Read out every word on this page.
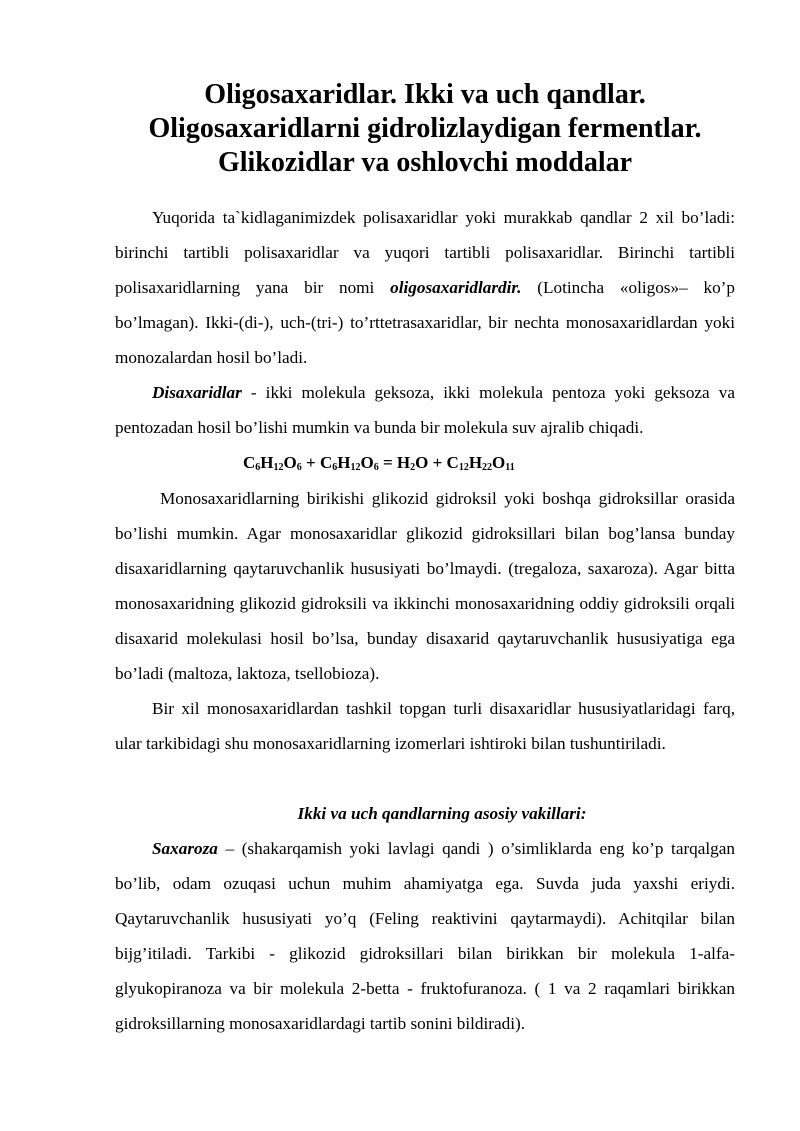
Oligosaxaridlar. Ikki va uch qandlar.
Oligosaxaridlarni gidrolizlaydigan fermentlar.
Glikozidlar va oshlovchi moddalar

Yuqorida ta`kidlaganimizdek polisaxaridlar yoki murakkab qandlar 2 xil bo’ladi: birinchi tartibli polisaxaridlar va yuqori tartibli polisaxaridlar. Birinchi tartibli polisaxaridlarning yana bir nomi oligosaxaridlardir. (Lotincha «oligos»– ko’p bo’lmagan). Ikki-(di-), uch-(tri-) to’rttetrasaxaridlar, bir nechta monosaxaridlardan yoki monozalardan hosil bo’ladi.

Disaxaridlar - ikki molekula geksoza, ikki molekula pentoza yoki geksoza va pentozadan hosil bo’lishi mumkin va bunda bir molekula suv ajralib chiqadi.

$C_6H_{12}O_6 + C_6H_{12}O_6 = H_2O + C_{12}H_{22}O_{11}$

Monosaxaridlarning birikishi glikozid gidroksil yoki boshqa gidroksillar orasida bo’lishi mumkin. Agar monosaxaridlar glikozid gidroksillari bilan bog’lansa bunday disaxaridlarning qaytaruvchanlik hususiyati bo’lmaydi. (tregaloza, saxaroza). Agar bitta monosaxaridning glikozid gidroksili va ikkinchi monosaxaridning oddiy gidroksili orqali disaxarid molekulasi hosil bo’lsa, bunday disaxarid qaytaruvchanlik hususiyatiga ega bo’ladi (maltoza, laktoza, tsellobioza).

Bir xil monosaxaridlardan tashkil topgan turli disaxaridlar hususiyatlaridagi farq, ular tarkibidagi shu monosaxaridlarning izomerlari ishtiroki bilan tushuntiriladi.

Ikki va uch qandlarning asosiy vakillari:

Saxaroza – (shakarqamish yoki lavlagi qandi ) o’simliklarda eng ko’p tarqalgan bo’lib, odam ozuqasi uchun muhim ahamiyatga ega. Suvda juda yaxshi eriydi. Qaytaruvchanlik hususiyati yo’q (Feling reaktivini qaytarmaydi). Achitqilar bilan bijg’itiladi. Tarkibi - glikozid gidroksillari bilan birikkan bir molekula 1-alfa-glyukopiranoza va bir molekula 2-betta - fruktofuranoza. ( 1 va 2 raqamlari birikkan gidroksillarning monosaxaridlardagi tartib sonini bildiradi).
